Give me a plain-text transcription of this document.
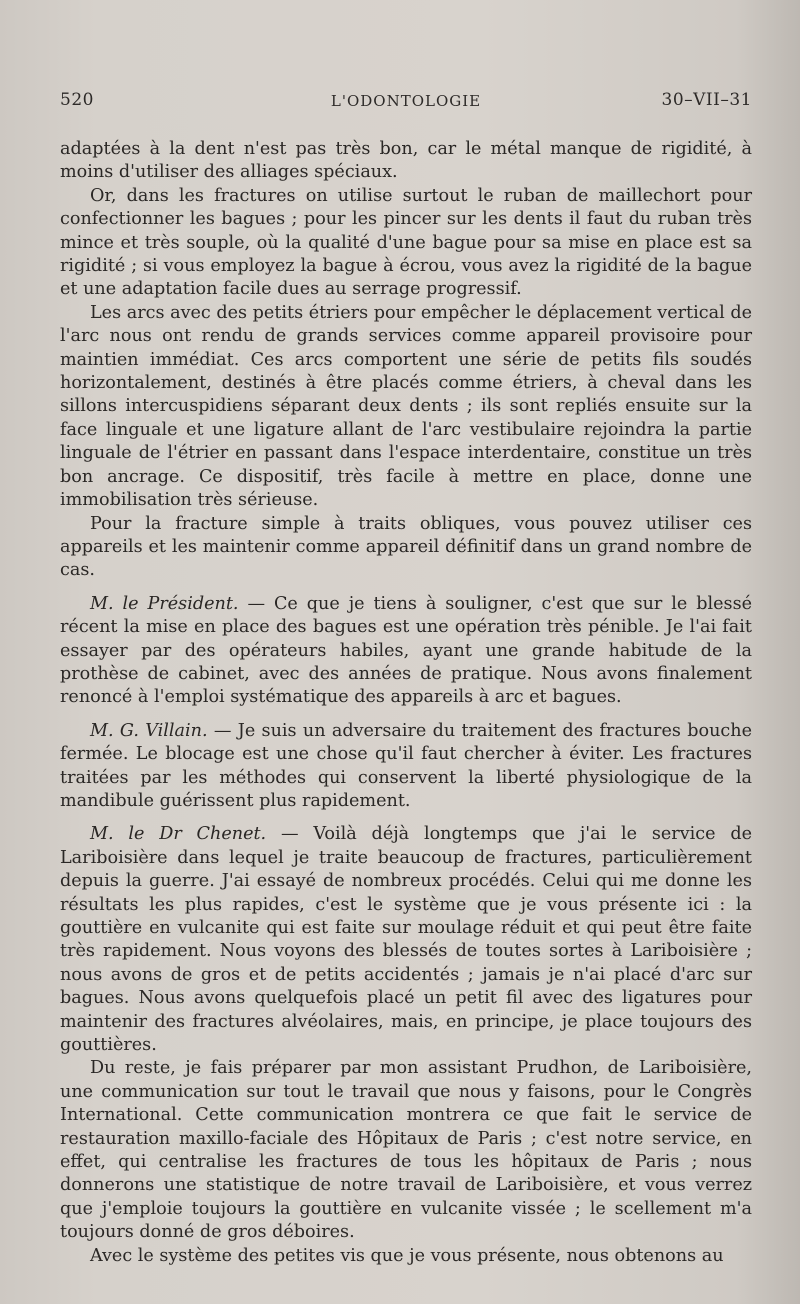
520	L'ODONTOLOGIE	30–VII–31

adaptées à la dent n'est pas très bon, car le métal manque de rigidité, à moins d'utiliser des alliages spéciaux.

Or, dans les fractures on utilise surtout le ruban de maillechort pour confectionner les bagues ; pour les pincer sur les dents il faut du ruban très mince et très souple, où la qualité d'une bague pour sa mise en place est sa rigidité ; si vous employez la bague à écrou, vous avez la rigidité de la bague et une adaptation facile dues au serrage progressif.

Les arcs avec des petits étriers pour empêcher le déplacement vertical de l'arc nous ont rendu de grands services comme appareil provisoire pour maintien immédiat. Ces arcs comportent une série de petits fils soudés horizontalement, destinés à être placés comme étriers, à cheval dans les sillons intercuspidiens séparant deux dents ; ils sont repliés ensuite sur la face linguale et une ligature allant de l'arc vestibulaire rejoindra la partie linguale de l'étrier en passant dans l'espace interdentaire, constitue un très bon ancrage. Ce dispositif, très facile à mettre en place, donne une immobilisation très sérieuse.

Pour la fracture simple à traits obliques, vous pouvez utiliser ces appareils et les maintenir comme appareil définitif dans un grand nombre de cas.

M. le Président. — Ce que je tiens à souligner, c'est que sur le blessé récent la mise en place des bagues est une opération très pénible. Je l'ai fait essayer par des opérateurs habiles, ayant une grande habitude de la prothèse de cabinet, avec des années de pratique. Nous avons finalement renoncé à l'emploi systématique des appareils à arc et bagues.

M. G. Villain. — Je suis un adversaire du traitement des fractures bouche fermée. Le blocage est une chose qu'il faut chercher à éviter. Les fractures traitées par les méthodes qui conservent la liberté physiologique de la mandibule guérissent plus rapidement.

M. le Dr Chenet. — Voilà déjà longtemps que j'ai le service de Lariboisière dans lequel je traite beaucoup de fractures, particulièrement depuis la guerre. J'ai essayé de nombreux procédés. Celui qui me donne les résultats les plus rapides, c'est le système que je vous présente ici : la gouttière en vulcanite qui est faite sur moulage réduit et qui peut être faite très rapidement. Nous voyons des blessés de toutes sortes à Lariboisière ; nous avons de gros et de petits accidentés ; jamais je n'ai placé d'arc sur bagues. Nous avons quelquefois placé un petit fil avec des ligatures pour maintenir des fractures alvéolaires, mais, en principe, je place toujours des gouttières.

Du reste, je fais préparer par mon assistant Prudhon, de Lariboisière, une communication sur tout le travail que nous y faisons, pour le Congrès International. Cette communication montrera ce que fait le service de restauration maxillo-faciale des Hôpitaux de Paris ; c'est notre service, en effet, qui centralise les fractures de tous les hôpitaux de Paris ; nous donnerons une statistique de notre travail de Lariboisière, et vous verrez que j'emploie toujours la gouttière en vulcanite vissée ; le scellement m'a toujours donné de gros déboires.

Avec le système des petites vis que je vous présente, nous obtenons au
